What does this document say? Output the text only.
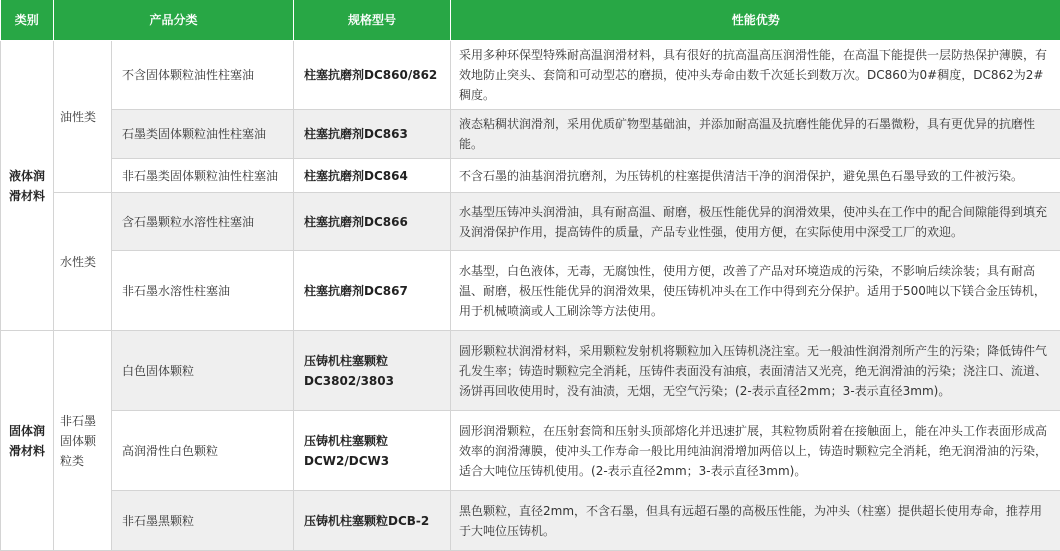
类别	产品分类		规格型号	性能优势
液体润滑材料	油性类	不含固体颗粒油性柱塞油	柱塞抗磨剂DC860/862	采用多种环保型特殊耐高温润滑材料，具有很好的抗高温高压润滑性能，在高温下能提供一层防热保护薄膜，有效地防止突头、套筒和可动型芯的磨损，使冲头寿命由数千次延长到数万次。DC860为0#稠度，DC862为2#稠度。
		石墨类固体颗粒油性柱塞油	柱塞抗磨剂DC863	液态粘稠状润滑剂，采用优质矿物型基础油，并添加耐高温及抗磨性能优异的石墨微粉，具有更优异的抗磨性能。
		非石墨类固体颗粒油性柱塞油	柱塞抗磨剂DC864	不含石墨的油基润滑抗磨剂，为压铸机的柱塞提供清洁干净的润滑保护，避免黑色石墨导致的工件被污染。
	水性类	含石墨颗粒水溶性柱塞油	柱塞抗磨剂DC866	水基型压铸冲头润滑油，具有耐高温、耐磨，极压性能优异的润滑效果，使冲头在工作中的配合间隙能得到填充及润滑保护作用，提高铸件的质量，产品专业性强，使用方便，在实际使用中深受工厂的欢迎。
		非石墨水溶性柱塞油	柱塞抗磨剂DC867	水基型，白色液体，无毒，无腐蚀性，使用方便，改善了产品对环境造成的污染，不影响后续涂装；具有耐高温、耐磨，极压性能优异的润滑效果，使压铸机冲头在工作中得到充分保护。适用于500吨以下镁合金压铸机，用于机械喷滴或人工刷涂等方法使用。
固体润滑材料	非石墨固体颗粒类	白色固体颗粒	压铸机柱塞颗粒DC3802/3803	圆形颗粒状润滑材料，采用颗粒发射机将颗粒加入压铸机浇注室。无一般油性润滑剂所产生的污染；降低铸件气孔发生率；铸造时颗粒完全消耗，压铸件表面没有油痕，表面清洁又光亮，绝无润滑油的污染；浇注口、流道、汤饼再回收使用时，没有油渍，无烟，无空气污染；(2-表示直径2mm；3-表示直径3mm)。
		高润滑性白色颗粒	压铸机柱塞颗粒DCW2/DCW3	圆形润滑颗粒，在压射套筒和压射头顶部熔化并迅速扩展，其粒物质附着在接触面上，能在冲头工作表面形成高效率的润滑薄膜，使冲头工作寿命一般比用纯油润滑增加两倍以上，铸造时颗粒完全消耗，绝无润滑油的污染，适合大吨位压铸机使用。(2-表示直径2mm；3-表示直径3mm)。
		非石墨黑颗粒	压铸机柱塞颗粒DCB-2	黑色颗粒，直径2mm，不含石墨，但具有远超石墨的高极压性能，为冲头（柱塞）提供超长使用寿命，推荐用于大吨位压铸机。
